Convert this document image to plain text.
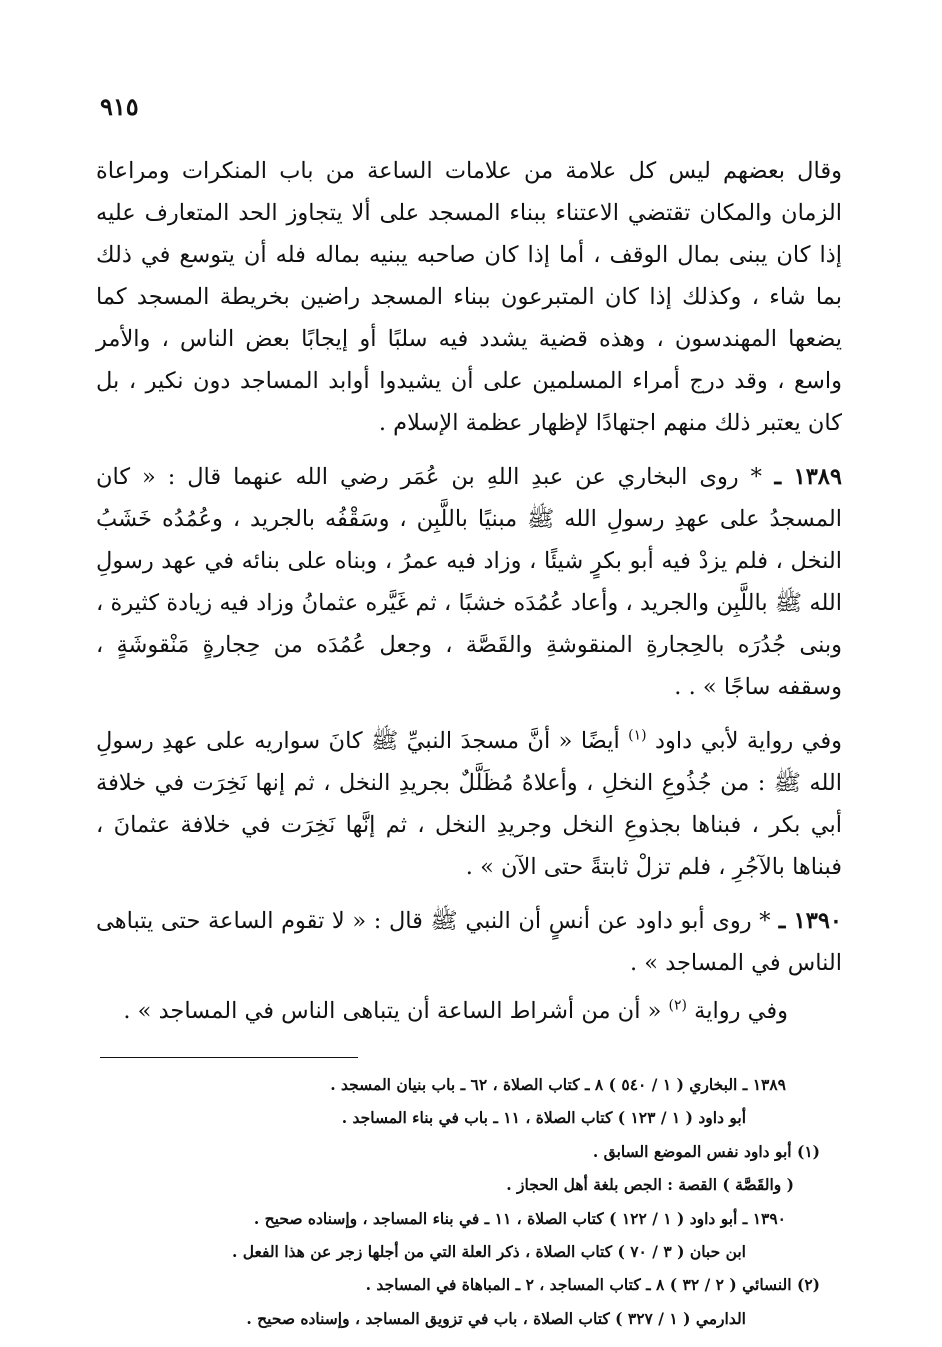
٩١٥

وقال بعضهم ليس كل علامة من علامات الساعة من باب المنكرات ومراعاة الزمان والمكان تقتضي الاعتناء ببناء المسجد على ألا يتجاوز الحد المتعارف عليه إذا كان يبنى بمال الوقف ، أما إذا كان صاحبه يبنيه بماله فله أن يتوسع في ذلك بما شاء ، وكذلك إذا كان المتبرعون ببناء المسجد راضين بخريطة المسجد كما يضعها المهندسون ، وهذه قضية يشدد فيه سلبًا أو إيجابًا بعض الناس ، والأمر واسع ، وقد درج أمراء المسلمين على أن يشيدوا أوابد المساجد دون نكير ، بل كان يعتبر ذلك منهم اجتهادًا لإظهار عظمة الإسلام .

١٣٨٩ ـ * روى البخاري عن عبدِ اللهِ بن عُمَر رضي الله عنهما قال : « كان المسجدُ على عهدِ رسولِ الله ﷺ مبنيًا باللَّبِن ، وسَقْفُه بالجريد ، وعُمُدُه خَشَبُ النخل ، فلم يزدْ فيه أبو بكرٍ شيئًا ، وزاد فيه عمرُ ، وبناه على بنائه في عهد رسولِ الله ﷺ باللَّبِن والجريد ، وأعاد عُمُدَه خشبًا ، ثم غَيَّره عثمانُ وزاد فيه زيادة كثيرة ، وبنى جُدُرَه بالحِجارةِ المنقوشةِ والقَصَّة ، وجعل عُمُدَه من حِجارةٍ مَنْقوشَةٍ ، وسقفه ساجًا » . .

وفي رواية لأبي داود $^{(١)}$ أيضًا « أنَّ مسجدَ النبيِّ ﷺ كانَ سواريه على عهدِ رسولِ الله ﷺ : من جُذُوعِ النخلِ ، وأعلاهُ مُظَلَّلٌ بجريدِ النخل ، ثم إنها نَخِرَت في خلافة أبي بكر ، فبناها بجذوعِ النخل وجريدِ النخل ، ثم إنَّها نَخِرَت في خلافة عثمانَ ، فبناها بالآجُرِ ، فلم تزلْ ثابتةً حتى الآن » .

١٣٩٠ ـ * روى أبو داود عن أنسٍ أن النبي ﷺ قال : « لا تقوم الساعة حتى يتباهى الناس في المساجد » .

وفي رواية $^{(٢)}$ « أن من أشراط الساعة أن يتباهى الناس في المساجد » .

١٣٨٩ ـ البخاري ( ١ / ٥٤٠ ) ٨ ـ كتاب الصلاة ، ٦٢ ـ باب بنيان المسجد .
أبو داود ( ١ / ١٢٣ ) كتاب الصلاة ، ١١ ـ باب في بناء المساجد .
(١) أبو داود نفس الموضع السابق .
( والقَصَّة ) القصة : الجص بلغة أهل الحجاز .
١٣٩٠ ـ أبو داود ( ١ / ١٢٢ ) كتاب الصلاة ، ١١ ـ في بناء المساجد ، وإسناده صحيح .
ابن حبان ( ٣ / ٧٠ ) كتاب الصلاة ، ذكر العلة التي من أجلها زجر عن هذا الفعل .
(٢) النسائي ( ٢ / ٣٢ ) ٨ ـ كتاب المساجد ، ٢ ـ المباهاة في المساجد .
الدارمي ( ١ / ٣٢٧ ) كتاب الصلاة ، باب في تزويق المساجد ، وإسناده صحيح .
